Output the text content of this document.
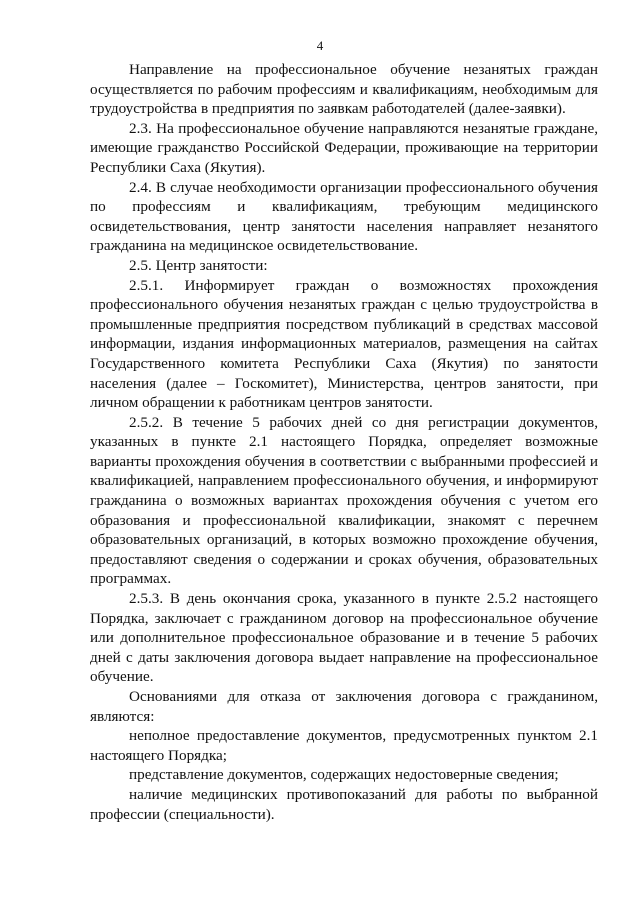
4

Направление на профессиональное обучение незанятых граждан осуществляется по рабочим профессиям и квалификациям, необходимым для трудоустройства в предприятия по заявкам работодателей (далее-заявки).

2.3. На профессиональное обучение направляются незанятые граждане, имеющие гражданство Российской Федерации, проживающие на территории Республики Саха (Якутия).

2.4. В случае необходимости организации профессионального обучения по профессиям и квалификациям, требующим медицинского освидетельствования, центр занятости населения направляет незанятого гражданина на медицинское освидетельствование.

2.5. Центр занятости:

2.5.1. Информирует граждан о возможностях прохождения профессионального обучения незанятых граждан с целью трудоустройства в промышленные предприятия посредством публикаций в средствах массовой информации, издания информационных материалов, размещения на сайтах Государственного комитета Республики Саха (Якутия) по занятости населения (далее – Госкомитет), Министерства, центров занятости, при личном обращении к работникам центров занятости.

2.5.2. В течение 5 рабочих дней со дня регистрации документов, указанных в пункте 2.1 настоящего Порядка, определяет возможные варианты прохождения обучения в соответствии с выбранными профессией и квалификацией, направлением профессионального обучения, и информируют гражданина о возможных вариантах прохождения обучения с учетом его образования и профессиональной квалификации, знакомят с перечнем образовательных организаций, в которых возможно прохождение обучения, предоставляют сведения о содержании и сроках обучения, образовательных программах.

2.5.3. В день окончания срока, указанного в пункте 2.5.2 настоящего Порядка, заключает с гражданином договор на профессиональное обучение или дополнительное профессиональное образование и в течение 5 рабочих дней с даты заключения договора выдает направление на профессиональное обучение.

Основаниями для отказа от заключения договора с гражданином, являются:

неполное предоставление документов, предусмотренных пунктом 2.1 настоящего Порядка;

представление документов, содержащих недостоверные сведения;

наличие медицинских противопоказаний для работы по выбранной профессии (специальности).
